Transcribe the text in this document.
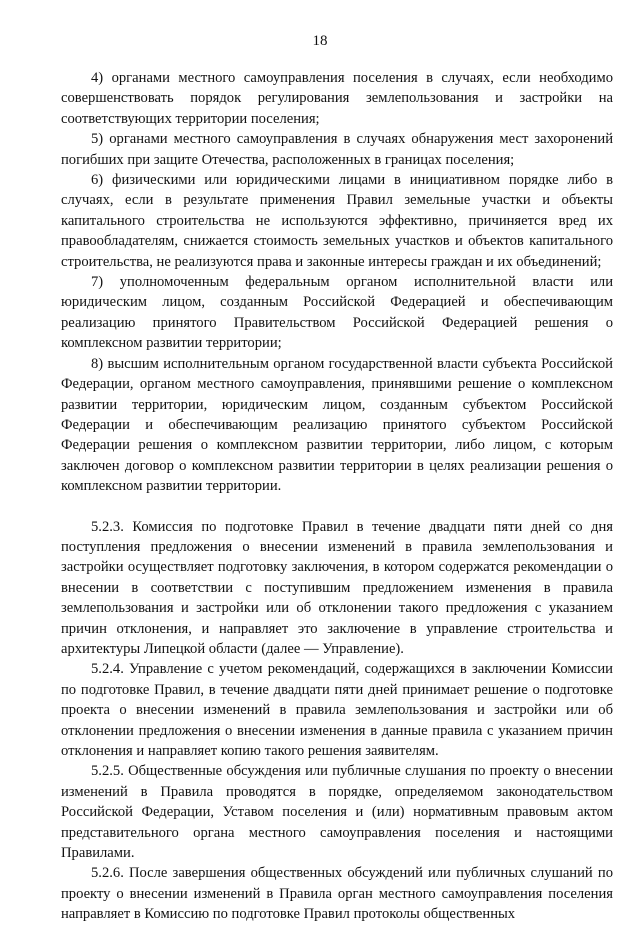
18

4) органами местного самоуправления поселения в случаях, если необходимо совершенствовать порядок регулирования землепользования и застройки на соответствующих территории поселения;

5) органами местного самоуправления в случаях обнаружения мест захоронений погибших при защите Отечества, расположенных в границах поселения;

6) физическими или юридическими лицами в инициативном порядке либо в случаях, если в результате применения Правил земельные участки и объекты капитального строительства не используются эффективно, причиняется вред их правообладателям, снижается стоимость земельных участков и объектов капитального строительства, не реализуются права и законные интересы граждан и их объединений;

7) уполномоченным федеральным органом исполнительной власти или юридическим лицом, созданным Российской Федерацией и обеспечивающим реализацию принятого Правительством Российской Федерацией решения о комплексном развитии территории;

8) высшим исполнительным органом государственной власти субъекта Российской Федерации, органом местного самоуправления, принявшими решение о комплексном развитии территории, юридическим лицом, созданным субъектом Российской Федерации и обеспечивающим реализацию принятого субъектом Российской Федерации решения о комплексном развитии территории, либо лицом, с которым заключен договор о комплексном развитии территории в целях реализации решения о комплексном развитии территории.

5.2.3. Комиссия по подготовке Правил в течение двадцати пяти дней со дня поступления предложения о внесении изменений в правила землепользования и застройки осуществляет подготовку заключения, в котором содержатся рекомендации о внесении в соответствии с поступившим предложением изменения в правила землепользования и застройки или об отклонении такого предложения с указанием причин отклонения, и направляет это заключение в управление строительства и архитектуры Липецкой области (далее — Управление).

5.2.4. Управление с учетом рекомендаций, содержащихся в заключении Комиссии по подготовке Правил, в течение двадцати пяти дней принимает решение о подготовке проекта о внесении изменений в правила землепользования и застройки или об отклонении предложения о внесении изменения в данные правила с указанием причин отклонения и направляет копию такого решения заявителям.

5.2.5. Общественные обсуждения или публичные слушания по проекту о внесении изменений в Правила проводятся в порядке, определяемом законодательством Российской Федерации, Уставом поселения и (или) нормативным правовым актом представительного органа местного самоуправления поселения и настоящими Правилами.

5.2.6. После завершения общественных обсуждений или публичных слушаний по проекту о внесении изменений в Правила орган местного самоуправления поселения направляет в Комиссию по подготовке Правил протоколы общественных
